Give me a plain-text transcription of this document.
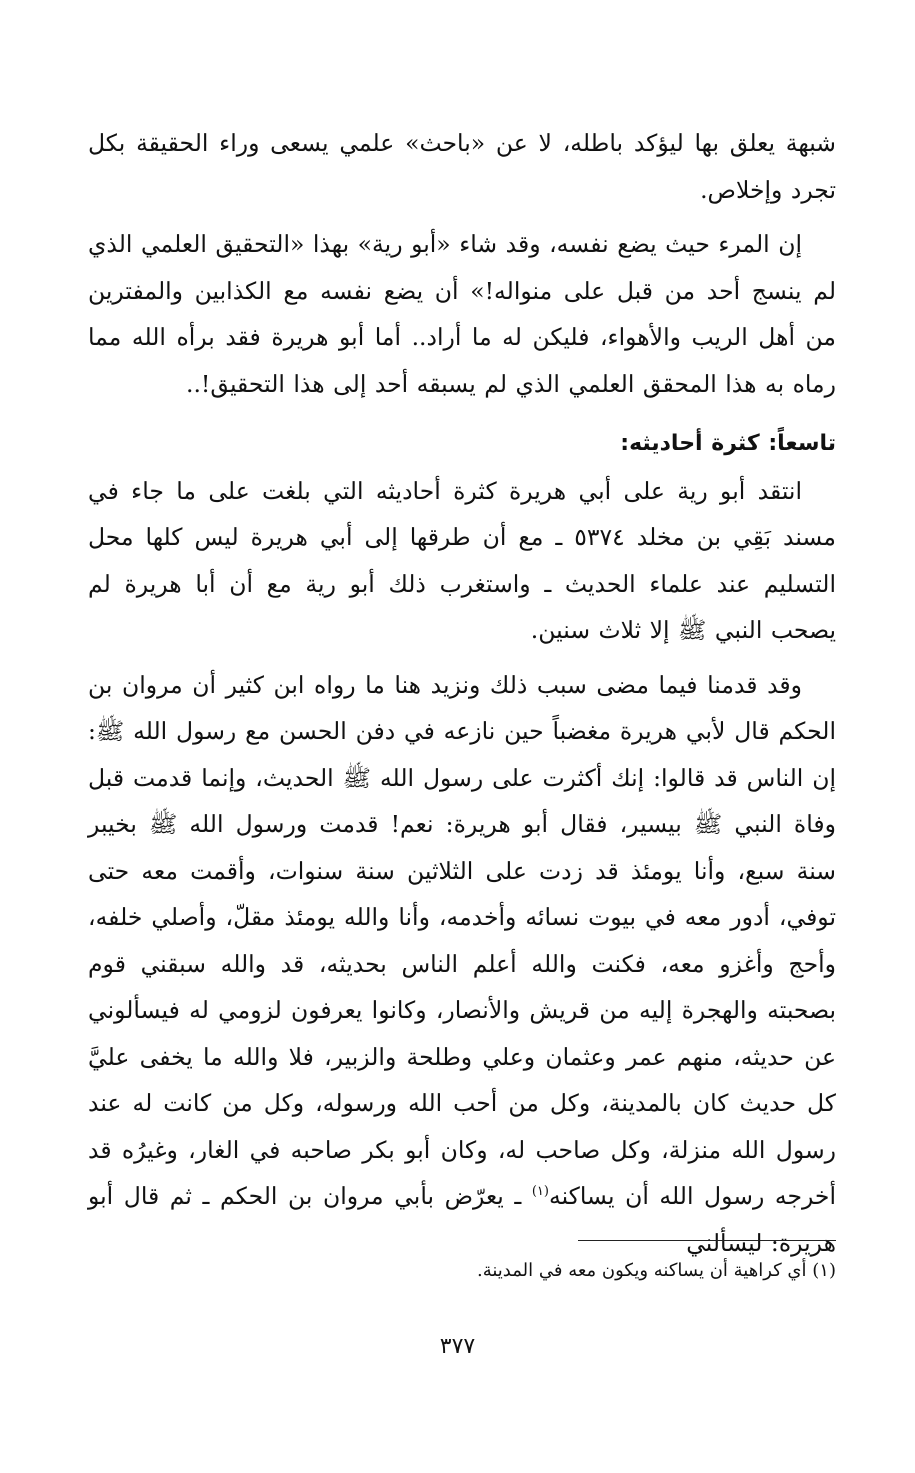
شبهة يعلق بها ليؤكد باطله، لا عن «باحث» علمي يسعى وراء الحقيقة بكل تجرد وإخلاص.

إن المرء حيث يضع نفسه، وقد شاء «أبو رية» بهذا «التحقيق العلمي الذي لم ينسج أحد من قبل على منواله!» أن يضع نفسه مع الكذابين والمفترين من أهل الريب والأهواء، فليكن له ما أراد.. أما أبو هريرة فقد برأه الله مما رماه به هذا المحقق العلمي الذي لم يسبقه أحد إلى هذا التحقيق!..

تاسعاً: كثرة أحاديثه:

انتقد أبو رية على أبي هريرة كثرة أحاديثه التي بلغت على ما جاء في مسند بَقِي بن مخلد ٥٣٧٤ ـ مع أن طرقها إلى أبي هريرة ليس كلها محل التسليم عند علماء الحديث ـ واستغرب ذلك أبو رية مع أن أبا هريرة لم يصحب النبي ﷺ إلا ثلاث سنين.

وقد قدمنا فيما مضى سبب ذلك ونزيد هنا ما رواه ابن كثير أن مروان بن الحكم قال لأبي هريرة مغضباً حين نازعه في دفن الحسن مع رسول الله ﷺ: إن الناس قد قالوا: إنك أكثرت على رسول الله ﷺ الحديث، وإنما قدمت قبل وفاة النبي ﷺ بيسير، فقال أبو هريرة: نعم! قدمت ورسول الله ﷺ بخيبر سنة سبع، وأنا يومئذ قد زدت على الثلاثين سنة سنوات، وأقمت معه حتى توفي، أدور معه في بيوت نسائه وأخدمه، وأنا والله يومئذ مقلّ، وأصلي خلفه، وأحج وأغزو معه، فكنت والله أعلم الناس بحديثه، قد والله سبقني قوم بصحبته والهجرة إليه من قريش والأنصار، وكانوا يعرفون لزومي له فيسألوني عن حديثه، منهم عمر وعثمان وعلي وطلحة والزبير، فلا والله ما يخفى عليَّ كل حديث كان بالمدينة، وكل من أحب الله ورسوله، وكل من كانت له عند رسول الله منزلة، وكل صاحب له، وكان أبو بكر صاحبه في الغار، وغيرُه قد أخرجه رسول الله أن يساكنه$^{(١)}$ ـ يعرّض بأبي مروان بن الحكم ـ ثم قال أبو هريرة: ليسألني

(١) أي كراهية أن يساكنه ويكون معه في المدينة.
٣٧٧
